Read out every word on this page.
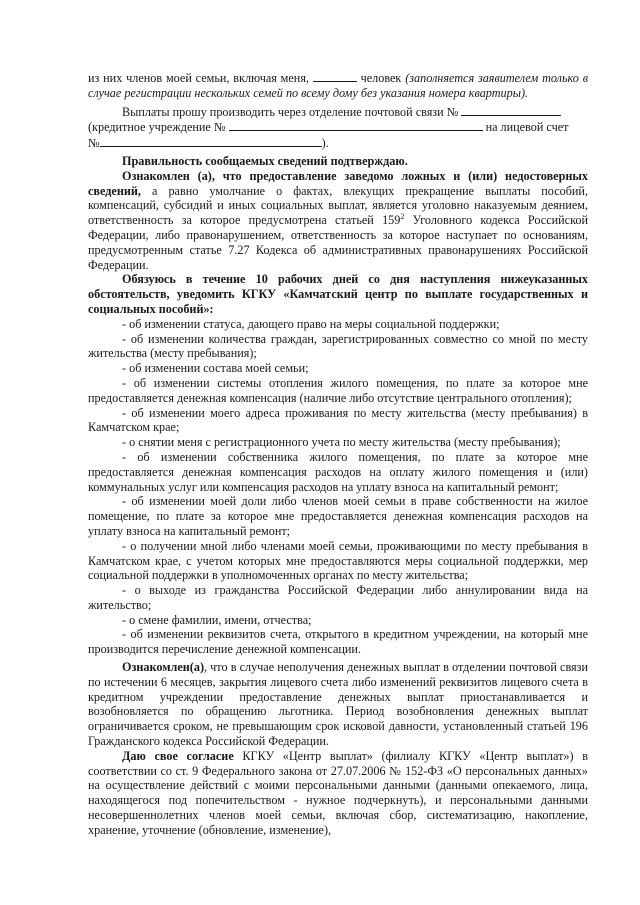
из них членов моей семьи, включая меня,	человек (заполняется заявителем только в случае регистрации нескольких семей по всему дому без указания номера квартиры).

Выплаты прошу производить через отделение почтовой связи №

(кредитное учреждение №	на лицевой счет

№	).

Правильность сообщаемых сведений подтверждаю.

Ознакомлен (а), что предоставление заведомо ложных и (или) недостоверных сведений, а равно умолчание о фактах, влекущих прекращение выплаты пособий, компенсаций, субсидий и иных социальных выплат, является уголовно наказуемым деянием, ответственность за которое предусмотрена статьей $159^2$ Уголовного кодекса Российской Федерации, либо правонарушением, ответственность за которое наступает по основаниям, предусмотренным статье 7.27 Кодекса об административных правонарушениях Российской Федерации.

Обязуюсь в течение 10 рабочих дней со дня наступления нижеуказанных обстоятельств, уведомить КГКУ «Камчатский центр по выплате государственных и социальных пособий»:

- об изменении статуса, дающего право на меры социальной поддержки;

- об изменении количества граждан, зарегистрированных совместно со мной по месту жительства (месту пребывания);

- об изменении состава моей семьи;

- об изменении системы отопления жилого помещения, по плате за которое мне предоставляется денежная компенсация (наличие либо отсутствие центрального отопления);

- об изменении моего адреса проживания по месту жительства (месту пребывания) в Камчатском крае;

- о снятии меня с регистрационного учета по месту жительства (месту пребывания);

- об изменении собственника жилого помещения, по плате за которое мне предоставляется денежная компенсация расходов на оплату жилого помещения и (или) коммунальных услуг или компенсация расходов на уплату взноса на капитальный ремонт;

- об изменении моей доли либо членов моей семьи в праве собственности на жилое помещение, по плате за которое мне предоставляется денежная компенсация расходов на уплату взноса на капитальный ремонт;

- о получении мной либо членами моей семьи, проживающими по месту пребывания в Камчатском крае, с учетом которых мне предоставляются меры социальной поддержки, мер социальной поддержки в уполномоченных органах по месту жительства;

- о выходе из гражданства Российской Федерации либо аннулировании вида на жительство;

- о смене фамилии, имени, отчества;

- об изменении реквизитов счета, открытого в кредитном учреждении, на который мне производится перечисление денежной компенсации.

Ознакомлен(а), что в случае неполучения денежных выплат в отделении почтовой связи по истечении 6 месяцев, закрытия лицевого счета либо изменений реквизитов лицевого счета в кредитном учреждении предоставление денежных выплат приостанавливается и возобновляется по обращению льготника. Период возобновления денежных выплат ограничивается сроком, не превышающим срок исковой давности, установленный статьей 196 Гражданского кодекса Российской Федерации.

Даю свое согласие КГКУ «Центр выплат» (филиалу КГКУ «Центр выплат») в соответствии со ст. 9 Федерального закона от 27.07.2006 № 152-ФЗ «О персональных данных» на осуществление действий с моими персональными данными (данными опекаемого, лица, находящегося под попечительством - нужное подчеркнуть), и персональными данными несовершеннолетних членов моей семьи, включая сбор, систематизацию, накопление, хранение, уточнение (обновление, изменение),
